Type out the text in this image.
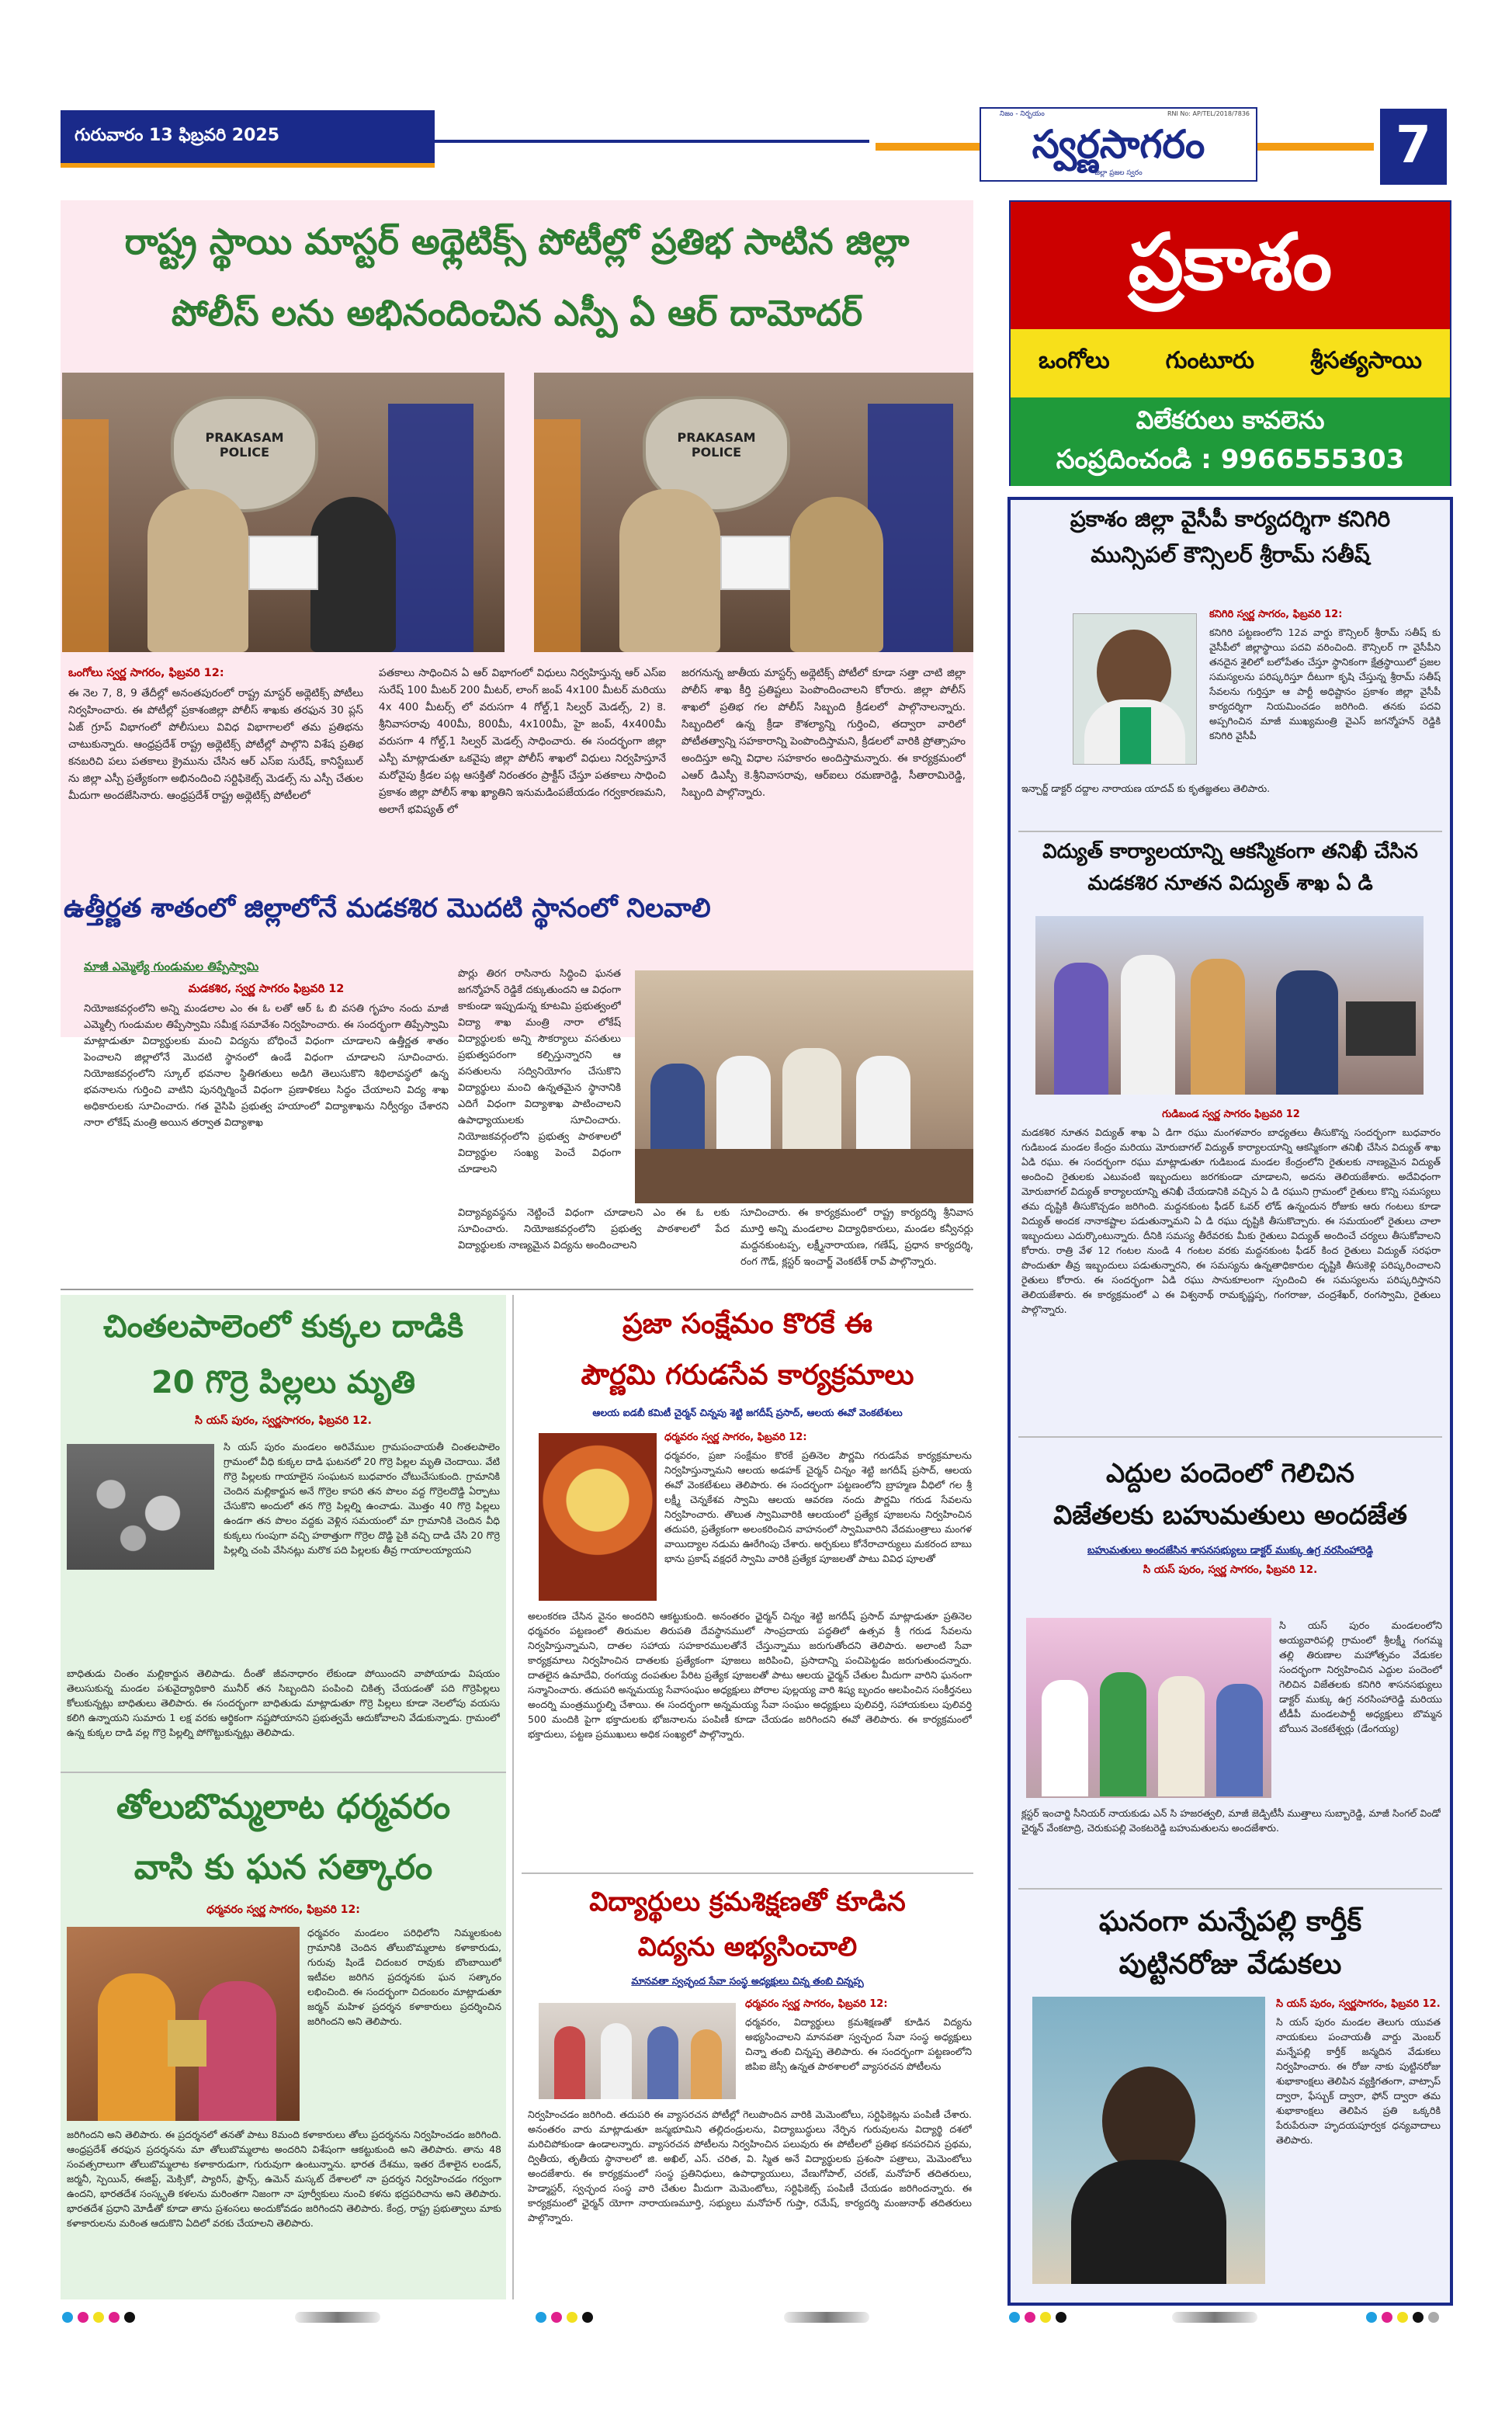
గురువారం 13 ఫిబ్రవరి 2025
నిజం - నిర్భయం	RNI No: AP/TEL/2018/7836
స్వర్ణసాగరం
జిల్లా ప్రజల స్వరం	7
రాష్ట్ర స్థాయి మాస్టర్ అథ్లెటిక్స్ పోటీల్లో ప్రతిభ సాటిన జిల్లా
పోలీస్ లను అభినందించిన ఎస్పీ ఏ ఆర్ దామోదర్
PRAKASAM POLICE
PRAKASAM POLICE
ఒంగోలు స్వర్ణ సాగరం, ఫిబ్రవరి 12:
ఈ నెల 7, 8, 9 తేదీల్లో అనంతపురంలో రాష్ట్ర మాస్టర్ అథ్లెటిక్స్ పోటీలు నిర్వహించారు. ఈ పోటీల్లో ప్రకాశంజిల్లా పోలీస్ శాఖకు తరఫున 30 ప్లస్ ఏజ్ గ్రూప్ విభాగంలో పోలీసులు వివిధ విభాగాలలో తమ ప్రతిభను చాటుకున్నారు. ఆంధ్రప్రదేశ్ రాష్ట్ర అథ్లెటిక్స్ పోటీల్లో పాల్గొని విశేష ప్రతిభ కనబరిచి పలు పతకాలు క్రైమును చేసిన ఆర్ ఎస్ఐ సురేష్, కానిస్టేబుల్ ను జిల్లా ఎస్పీ ప్రత్యేకంగా అభినందించి సర్టిఫికెట్స్ మెడల్స్ ను ఎస్పీ చేతుల మీదుగా అందజేసినారు. ఆంధ్రప్రదేశ్ రాష్ట్ర అథ్లెటిక్స్ పోటీలలో
పతకాలు సాధించిన ఏ ఆర్ విభాగంలో విధులు నిర్వహిస్తున్న ఆర్ ఎస్ఐ సురేష్ 100 మీటర్ 200 మీటర్, లాంగ్ జంప్ 4x100 మీటర్ మరియు 4x 400 మీటర్స్ లో వరుసగా 4 గోల్డ్,1 సిల్వర్ మెడల్స్, 2) కె. శ్రీనివాసరావు 400మీ, 800మీ, 4x100మీ, హై జంప్, 4x400మీ వరుసగా 4 గోల్డ్,1 సిల్వర్ మెడల్స్ సాధించారు. ఈ సందర్భంగా జిల్లా ఎస్పీ మాట్లాడుతూ ఒకవైపు జిల్లా పోలీస్ శాఖలో విధులు నిర్వహిస్తూనే మరోవైపు క్రీడల పట్ల ఆసక్తితో నిరంతరం ప్రాక్టీస్ చేస్తూ పతకాలు సాధించి ప్రకాశం జిల్లా పోలీస్ శాఖ ఖ్యాతిని ఇనుమడింపజేయడం గర్వకారణమని, అలాగే భవిష్యత్ లో
జరగనున్న జాతీయ మాస్టర్స్ అథ్లెటిక్స్ పోటీలో కూడా సత్తా చాటి జిల్లా పోలీస్ శాఖ కీర్తి ప్రతిష్టలు పెంపొందించాలని కోరారు. జిల్లా పోలీస్ శాఖలో ప్రతిభ గల పోలీస్ సిబ్బంది క్రీడలలో పాల్గొనాలన్నారు. సిబ్బందిలో ఉన్న క్రీడా కౌశల్యాన్ని గుర్తించి, తద్వారా వారిలో పోటీతత్వాన్ని సహకారాన్ని పెంపొందిస్తామని, క్రీడలలో వారికి ప్రోత్సాహం అందిస్తూ అన్ని విధాల సహకారం అందిస్తామన్నారు. ఈ కార్యక్రమంలో ఎఆర్ డిఎస్పీ కె.శ్రీనివాసరావు, ఆర్ఐలు రమణారెడ్డి, సీతారామిరెడ్డి, సిబ్బంది పాల్గొన్నారు.
ప్రకాశం
ఒంగోలు గుంటూరు శ్రీసత్యసాయి
విలేకరులు కావలెను
సంప్రదించండి : 9966555303
ప్రకాశం జిల్లా వైసీపీ కార్యదర్శిగా కనిగిరి
మున్సిపల్ కౌన్సిలర్ శ్రీరామ్ సతీష్
కనిగిరి స్వర్ణ సాగరం, ఫిబ్రవరి 12:
కనిగిరి పట్టణంలోని 12వ వార్డు కౌన్సిలర్ శ్రీరామ్ సతీష్ కు వైసీపీలో జిల్లాస్థాయి పదవి వరించింది. కౌన్సిలర్ గా వైసీపీని తనదైన శైలిలో బలోపేతం చేస్తూ స్థానికంగా క్షేత్రస్థాయిలో ప్రజల సమస్యలను పరిష్కరిస్తూ దీటుగా కృషి చేస్తున్న శ్రీరామ్ సతీష్ సేవలను గుర్తిస్తూ ఆ పార్టీ అధిష్టానం ప్రకాశం జిల్లా వైసీపీ కార్యదర్శిగా నియమించడం జరిగింది. తనకు పదవి అప్పగించిన మాజీ ముఖ్యమంత్రి వైఎస్ జగన్మోహన్ రెడ్డికి కనిగిరి వైసీపీ
ఇన్చార్జ్ డాక్టర్ దద్దాల నారాయణ యాదవ్ కు కృతజ్ఞతలు తెలిపారు.
విద్యుత్ కార్యాలయాన్ని ఆకస్మికంగా తనిఖీ చేసిన
మడకశిర నూతన విద్యుత్ శాఖ ఏ డి
గుడిబండ స్వర్ణ సాగరం ఫిబ్రవరి 12
మడకశిర నూతన విద్యుత్ శాఖ ఏ డిగా రఘు మంగళవారం బాధ్యతలు తీసుకొన్న సందర్భంగా బుధవారం గుడిబండ మండల కేంద్రం మరియు మోరుబాగల్ విద్యుత్ కార్యాలయాన్ని ఆకస్మికంగా తనిఖీ చేసిన విద్యుత్ శాఖ ఏడి రఘు. ఈ సందర్భంగా రఘు మాట్లాడుతూ గుడిబండ మండల కేంద్రంలోని రైతులకు నాణ్యమైన విద్యుత్ అందించి రైతులకు ఎటువంటి ఇబ్బందులు జరగకుండా చూడాలని, అదను తెలియజేశారు. అదేవిధంగా మోరుబాగల్ విద్యుత్ కార్యాలయాన్ని తనిఖీ చేయడానికి వచ్చిన ఏ డి రఘుని గ్రామంలో రైతులు కొన్ని సమస్యలు తమ దృష్టికి తీసుకొచ్చడం జరిగింది. మద్దనకుంట ఫీడర్ ఓవర్ లోడ్ ఉన్నందున రోజుకు ఆరు గంటలు కూడా విద్యుత్ అందక నానాకష్టాల పడుతున్నామని ఏ డి రఘు దృష్టికి తీసుకొచ్చారు. ఈ సమయంలో రైతులు చాలా ఇబ్బందులు ఎదుర్కొంటున్నారు. దీనికి సమస్య తీరేవరకు మీకు రైతులు విద్యుత్ అందించే చర్యలు తీసుకోవాలని కోరారు. రాత్రి వేళ 12 గంటల నుండి 4 గంటల వరకు మద్దనకుంట ఫీడర్ కింద రైతులు విద్యుత్ సరఫరా పొందుతూ తీవ్ర ఇబ్బందులు పడుతున్నారని, ఈ సమస్యను ఉన్నతాధికారుల దృష్టికి తీసుకెళ్లి పరిష్కరించాలని రైతులు కోరారు. ఈ సందర్భంగా ఏడి రఘు సానుకూలంగా స్పందించి ఈ సమస్యలను పరిష్కరిస్తానని తెలియజేశారు. ఈ కార్యక్రమంలో ఎ ఈ విశ్వనాథ్ రామకృష్ణప్ప, గంగరాజు, చంద్రశేఖర్, రంగస్వామి, రైతులు పాల్గొన్నారు.
ఎద్దుల పందెంలో గెలిచిన
విజేతలకు బహుమతులు అందజేత
బహుమతులు అందజేసిన శాసనసభ్యులు డాక్టర్ ముక్కు ఉగ్ర నరసింహారెడ్డి
సి యస్ పురం, స్వర్ణ సాగరం, ఫిబ్రవరి 12.
సి యస్ పురం మండలంలోని అయ్యవారిపల్లి గ్రామంలో శ్రీలక్ష్మీ గంగమ్మ తల్లి తిరుణాల మహోత్సవం వేడుకల సందర్భంగా నిర్వహించిన ఎద్దుల పందెంలో గెలిచిన విజేతలకు కనిగిరి శాసనసభ్యులు డాక్టర్ ముక్కు ఉగ్ర నరసింహారెడ్డి మరియు టీడీపీ మండలపార్టీ అధ్యక్షులు బొమ్మన బోయిన వెంకటేశ్వర్లు (డేంగయ్య)
క్లస్టర్ ఇంచార్జి సీనియర్ నాయకుడు ఎన్ సి హజరత్వలి, మాజీ జెడ్పిటీసీ ముత్తాలు సుబ్బారెడ్డి, మాజీ సింగల్ విండో ఛైర్మన్ వేంకటాద్రి, చెరుకుపల్లి వెంకటరెడ్డి బహుమతులను అందజేశారు.
ఘనంగా మన్నేపల్లి కార్తీక్
పుట్టినరోజు వేడుకలు
సి యస్ పురం, స్వర్ణసాగరం, ఫిబ్రవరి 12.
సి యస్ పురం మండల తెలుగు యువత నాయకులు పంచాయతీ వార్డు మెంబర్ మన్నేపల్లి కార్తీక్ జన్మదిన వేడుకలు నిర్వహించారు. ఈ రోజు నాకు పుట్టినరోజు శుభాకాంక్షలు తెలిపిన వ్యక్తిగతంగా, వాట్సాప్ ద్వారా, ఫేస్బుక్ ద్వారా, ఫోన్ ద్వారా తమ శుభాకాంక్షలు తెలిపిన ప్రతి ఒక్కరికి పేరుపేరునా హృదయపూర్వక ధన్యవాదాలు తెలిపారు.
ఉత్తీర్ణత శాతంలో జిల్లాలోనే మడకశిర మొదటి స్థానంలో నిలవాలి
మాజీ ఎమ్మెల్యే గుండుమల తిప్పేస్వామి
మడకశిర, స్వర్ణ సాగరం ఫిబ్రవరి 12
నియోజకవర్గంలోని అన్ని మండలాల ఎం ఈ ఓ లతో ఆర్ ఓ బి వసతి గృహం నందు మాజీ ఎమ్మెల్సీ గుండుమల తిప్పేస్వామి సమీక్ష సమావేశం నిర్వహించారు. ఈ సందర్భంగా తిప్పేస్వామి మాట్లాడుతూ విద్యార్థులకు మంచి విద్యను బోధించే విధంగా చూడాలని ఉత్తీర్ణత శాతం పెంచాలని జిల్లాలోనే మొదటి స్థానంలో ఉండే విధంగా చూడాలని సూచించారు. నియోజకవర్గంలోని స్కూల్ భవనాల స్థితిగతులు అడిగి తెలుసుకొని శిథిలావస్థలో ఉన్న భవనాలను గుర్తించి వాటిని పునర్నిర్మించే విధంగా ప్రణాళికలు సిద్ధం చేయాలని విద్య శాఖ అధికారులకు సూచించారు. గత వైసిపి ప్రభుత్వ హయాంలో విద్యాశాఖను నిర్వీర్యం చేశారని నారా లోకేష్ మంత్రి అయిన తర్వాత విద్యాశాఖ
పొర్లు తిరగ రాసినారు సిద్ధించి ఘనత జగన్మోహన్ రెడ్డికే దక్కుతుందని ఆ విధంగా కాకుండా ఇప్పుడున్న కూటమి ప్రభుత్వంలో విద్యా శాఖ మంత్రి నారా లోకేష్ విద్యార్థులకు అన్ని సౌకర్యాలు వసతులు ప్రభుత్వపరంగా కల్పిస్తున్నారని ఆ వసతులను సద్వినియోగం చేసుకొని విద్యార్థులు మంచి ఉన్నతమైన స్థానానికి ఎదిగే విధంగా విద్యాశాఖ పాటించాలని ఉపాధ్యాయులకు సూచించారు. నియోజకవర్గంలోని ప్రభుత్వ పాఠశాలలో విద్యార్థుల సంఖ్య పెంచే విధంగా చూడాలని
విద్యావ్యవస్థను నెట్టించే విధంగా చూడాలని ఎం ఈ ఓ లకు సూచించారు. నియోజకవర్గంలోని ప్రభుత్వ పాఠశాలలో పేద విద్యార్థులకు నాణ్యమైన విద్యను అందించాలని
సూచించారు. ఈ కార్యక్రమంలో రాష్ట్ర కార్యదర్శి శ్రీనివాస మూర్తి అన్ని మండలాల విద్యాధికారులు, మండల కన్వీనర్లు మద్దనకుంటప్ప, లక్ష్మీనారాయణ, గణేష్, ప్రధాన కార్యదర్శి, రంగ గౌడ్, క్లస్టర్ ఇంచార్జ్ వెంకటేశ్ రావ్ పాల్గొన్నారు.
చింతలపాలెంలో కుక్కల దాడికి
20 గొర్రె పిల్లలు మృతి
సి యస్ పురం, స్వర్ణసాగరం, ఫిబ్రవరి 12.
సి యస్ పురం మండలం అరివేముల గ్రామపంచాయతీ చింతలపాలెం గ్రామంలో వీధి కుక్కల దాడి ఘటనలో 20 గొర్రె పిల్లల మృతి చెందాయి. వేటి గొర్రె పిల్లలకు గాయాలైన సంఘటన బుధవారం చోటుచేసుకుంది. గ్రామానికి చెందిన మల్లికార్జున అనే గొర్రెల కాపరి తన పొలం వద్ద గొర్రెలదొడ్డి ఏర్పాటు చేసుకొని అందులో తన గొర్రె పిల్లల్ని ఉంచాడు. మొత్తం 40 గొర్రె పిల్లలు ఉండగా తన పొలం వద్దకు వెళ్లిన సమయంలో మా గ్రామానికి చెందిన వీధి కుక్కలు గుంపుగా వచ్చి హఠాత్తుగా గొర్రెల దొడ్డి పైకి వచ్చి దాడి చేసి 20 గొర్రె పిల్లల్ని చంపి వేసినట్లు మరొక పది పిల్లలకు తీవ్ర గాయాలయ్యాయని
బాధితుడు చింతం మల్లికార్జున తెలిపాడు. దీంతో జీవనాధారం లేకుండా పోయిందని వాపోయాడు విషయం తెలుసుకున్న మండల పశువైద్యాధికారి మునీర్ తన సిబ్బందిని పంపించి చికిత్స చేయడంతో పది గొర్రెపిల్లలు కోలుకున్నట్లు బాధితులు తెలిపారు. ఈ సందర్భంగా బాధితుడు మాట్లాడుతూ గొర్రె పిల్లలు కూడా నెలలోపు వయసు కలిగి ఉన్నాయని సుమారు 1 లక్ష వరకు ఆర్థికంగా నష్టపోయానని ప్రభుత్వమే ఆదుకోవాలని వేడుకున్నాడు. గ్రామంలో ఉన్న కుక్కల దాడి వల్ల గొర్రె పిల్లల్ని పోగొట్టుకున్నట్లు తెలిపాడు.
తోలుబొమ్మలాట ధర్మవరం
వాసి కు ఘన సత్కారం
ధర్మవరం స్వర్ణ సాగరం, ఫిబ్రవరి 12:
ధర్మవరం మండలం పరిధిలోని నిమ్మలకుంట గ్రామానికి చెందిన తోలుబొమ్మలాట కళాకారుడు, గురువు షిండే చిదంబర రావుకు బొంబాయిలో ఇటీవల జరిగిన ప్రదర్శనకు ఘన సత్కారం లభించింది. ఈ సందర్భంగా చిదంబరం మాట్లాడుతూ జర్మన్ మహిళ ప్రదర్శన కళాకారులు ప్రదర్శించిన జరిగిందని అని తెలిపారు.
జరిగిందని అని తెలిపారు. ఈ ప్రదర్శనలో తనతో పాటు 8మంది కళాకారులు తోలు ప్రదర్శనను నిర్వహించడం జరిగింది. ఆంధ్రప్రదేశ్ తరఫున ప్రదర్శనను మా తోలుబొమ్మలాట అందరిని విశేషంగా ఆకట్టుకుంది అని తెలిపారు. తాను 48 సంవత్సరాలుగా తోలుబొమ్మలాట కళాకారుడుగా, గురువుగా ఉంటున్నాను. భారత దేశము, ఇతర దేశాలైన లండన్, జర్మనీ, స్పెయిన్, ఈజిప్ట్, మెక్సికో, ప్యారిస్, ఫ్రాన్స్, ఉమెన్ మస్కట్ దేశాలలో నా ప్రదర్శన నిర్వహించడం గర్వంగా ఉందని, భారతదేశ సంస్కృతి కళలను మరింతగా నిజంగా నా పూర్వీకులు నుంచి కళను భద్రపరిచాను అని తెలిపారు. భారతదేశ ప్రధాని మోడీతో కూడా తాను ప్రశంసలు అందుకోవడం జరిగిందని తెలిపారు. కేంద్ర, రాష్ట్ర ప్రభుత్వాలు మాకు కళాకారులను మరింత ఆదుకొని ఏదిలో వరకు చేయాలని తెలిపారు.
ప్రజా సంక్షేమం కొరకే ఈ
పౌర్ణమి గరుడసేవ కార్యక్రమాలు
ఆలయ ఐడబీ కమిటీ చైర్మన్ చిన్నపు శెట్టి జగదీష్ ప్రసాద్, ఆలయ ఈవో వెంకటేశులు
ధర్మవరం స్వర్ణ సాగరం, ఫిబ్రవరి 12:
ధర్మవరం, ప్రజా సంక్షేమం కొరకే ప్రతినెల పౌర్ణమి గరుడసేవ కార్యక్రమాలను నిర్వహిస్తున్నామని ఆలయ అడహక్ చైర్మన్ చిన్నం శెట్టి జగదీష్ ప్రసాద్, ఆలయ ఈవో వెంకటేశులు తెలిపారు. ఈ సందర్భంగా పట్టణంలోని బ్రాహ్మణ వీధిలో గల శ్రీ లక్ష్మీ చెన్నకేశవ స్వామి ఆలయ ఆవరణ నందు పౌర్ణమి గరుడ సేవలను నిర్వహించారు. తొలుత స్వామివారికి ఆలయంలో ప్రత్యేక పూజలను నిర్వహించిన తదుపరి, ప్రత్యేకంగా అలంకరించిన వాహనంలో స్వామివారిని వేదమంత్రాలు మంగళ వాయిద్యాల నడుమ ఊరేగింపు చేశారు. అర్చకులు కోనేరాచార్యులు మకరంద బాబు భాను ప్రకాష్ వక్షధరే స్వామి వారికి ప్రత్యేక పూజలతో పాటు వివిధ పూలతో
అలంకరణ చేసిన వైనం అందరిని ఆకట్టుకుంది. అనంతరం ఛైర్మన్ చిన్నం శెట్టి జగదీష్ ప్రసాద్ మాట్లాడుతూ ప్రతినెల ధర్మవరం పట్టణంలో తిరుమల తిరుపతి దేవస్థానములో సాంప్రదాయ పద్ధతిలో ఉత్సవ శ్రీ గరుడ సేవలను నిర్వహిస్తున్నామని, దాతల సహాయ సహకారములతోనే చేస్తున్నాము జరుగుతోందని తెలిపారు. అలాంటి సేవా కార్యక్రమాలు నిర్వహించిన దాతలకు ప్రత్యేకంగా పూజలు జరిపించి, ప్రసాదాన్ని పంచిపెట్టడం జరుగుతుందన్నారు. దాతలైన ఉమాదేవి, రంగయ్య దంపతుల పేరిట ప్రత్యేక పూజలతో పాటు ఆలయ ఛైర్మన్ చేతుల మీదుగా వారిని ఘనంగా సన్మానించారు. తదుపరి అన్నమయ్య సేవాసంఘం అధ్యక్షులు పోరాల పుల్లయ్య వారి శిష్య బృందం ఆలపించిన సంకీర్తనలు అందర్ని మంత్రముగ్ధుల్ని చేశాయి. ఈ సందర్భంగా అన్నమయ్య సేవా సంఘం అధ్యక్షులు పులివర్తి, సహాయకులు పులివర్తి 500 మందికి పైగా భక్తాదులకు భోజనాలను పంపిణీ కూడా చేయడం జరిగిందని ఈవో తెలిపారు. ఈ కార్యక్రమంలో భక్తాదులు, పట్టణ ప్రముఖులు అధిక సంఖ్యలో పాల్గొన్నారు.
విద్యార్థులు క్రమశిక్షణతో కూడిన
విద్యను అభ్యసించాలి
మానవతా స్వచ్ఛంద సేవా సంస్థ అధ్యక్షులు చిన్న తంబి చిన్నప్ప
ధర్మవరం స్వర్ణ సాగరం, ఫిబ్రవరి 12:
ధర్మవరం, విద్యార్థులు క్రమశిక్షణతో కూడిన విద్యను అభ్యసించాలని మానవతా స్వచ్ఛంద సేవా సంస్థ అధ్యక్షులు చిన్నా తంబి చిన్నప్ప తెలిపారు. ఈ సందర్భంగా పట్టణంలోని జిపిఐ జెస్సీ ఉన్నత పాఠశాలలో వ్యాసరచన పోటీలను
నిర్వహించడం జరిగింది. తదుపరి ఈ వ్యాసరచన పోటీల్లో గెలుపొందిన వారికి మెమెంటోలు, సర్టిఫికెట్లను పంపిణీ చేశారు. అనంతరం వారు మాట్లాడుతూ జన్మభూమిని తల్లిదండ్రులను, విద్యాబుద్ధులు నేర్పిన గురువులను విద్యార్థి దశలో మరిచిపోకుండా ఉండాలన్నారు. వ్యాసరచన పోటీలను నిర్వహించిన పలువురు ఈ పోటీలలో ప్రతిభ కనపరచిన ప్రథమ, ద్వితీయ, తృతీయ స్థానాలలో జి. అఖిల్, ఎస్. చరిత, వి. స్మిత అనే విద్యార్థులకు ప్రశంసా పత్రాలు, మెమెంటోలు అందజేశారు. ఈ కార్యక్రమంలో సంస్థ ప్రతినిధులు, ఉపాధ్యాయులు, వేణుగోపాల్, చరణ్, మనోహర్ తదితరులు, హెడ్మాస్టర్, స్వచ్ఛంద సంస్థ వారి చేతుల మీదుగా మెమెంటోలు, సర్టిఫికెట్స్ పంపిణీ చేయడం జరిగిందన్నారు. ఈ కార్యక్రమంలో ఛైర్మన్ యోగా నారాయణమూర్తి, సభ్యులు మనోహర్ గుప్తా, రమేష్, కార్యదర్శి మంజునాథ్ తదితరులు పాల్గొన్నారు.
